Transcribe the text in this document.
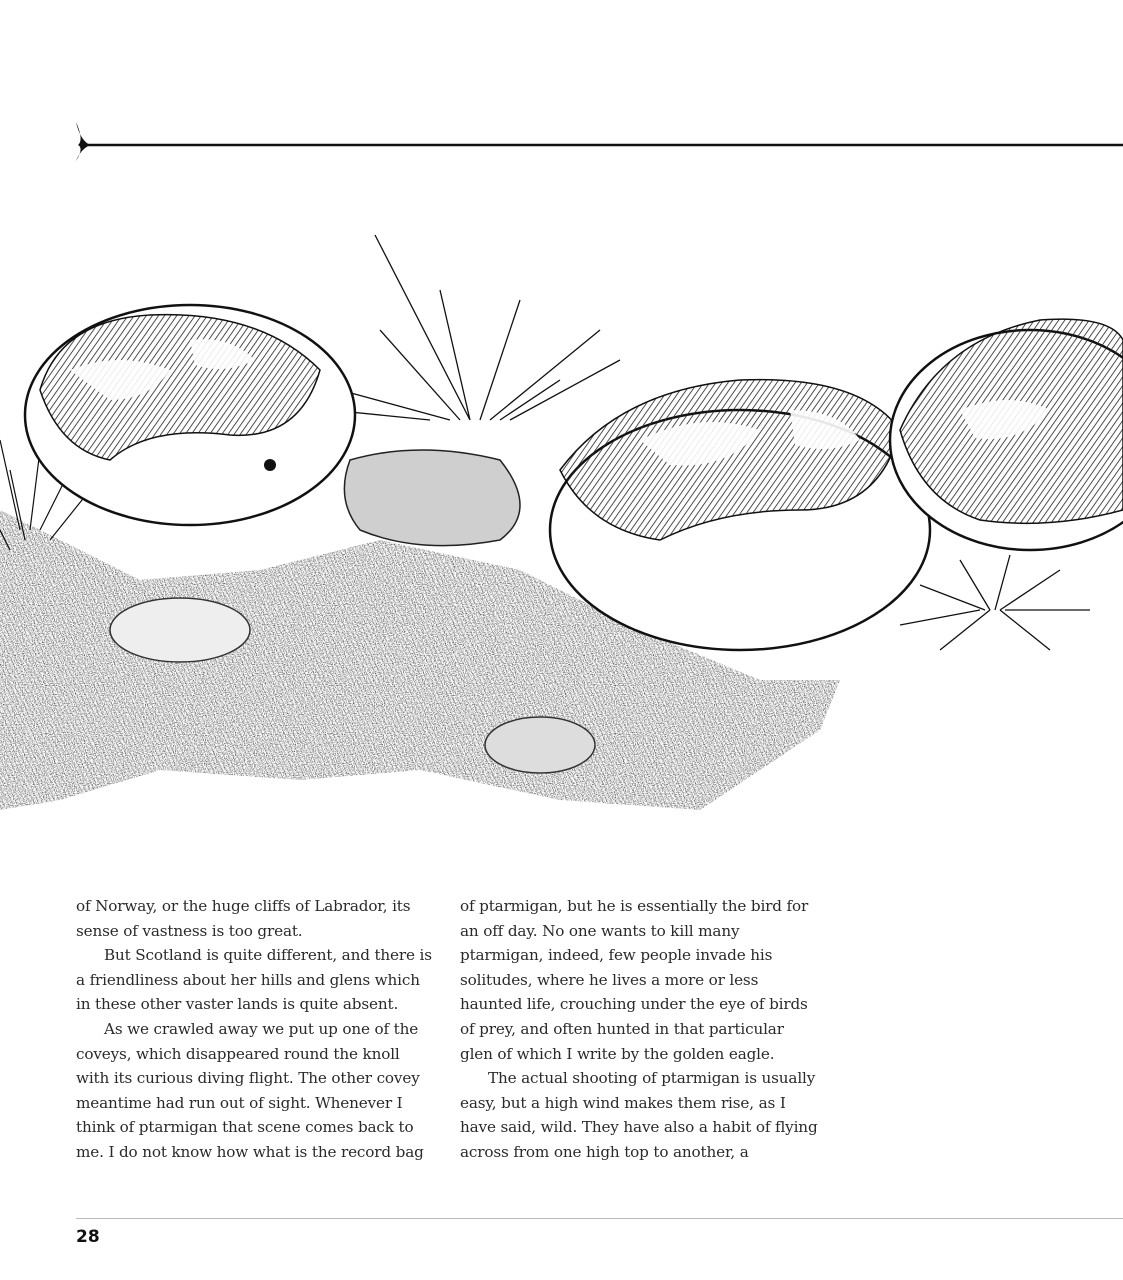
of Norway, or the huge cliffs of Labrador, its sense of vastness is too great.

But Scotland is quite different, and there is a friendliness about her hills and glens which in these other vaster lands is quite absent.

As we crawled away we put up one of the coveys, which disappeared round the knoll with its curious diving flight. The other covey meantime had run out of sight. Whenever I think of ptarmigan that scene comes back to me. I do not know how what is the record bag

of ptarmigan, but he is essentially the bird for an off day. No one wants to kill many ptarmigan, indeed, few people invade his solitudes, where he lives a more or less haunted life, crouching under the eye of birds of prey, and often hunted in that particular glen of which I write by the golden eagle.

The actual shooting of ptarmigan is usually easy, but a high wind makes them rise, as I have said, wild. They have also a habit of flying across from one high top to another, a

28
